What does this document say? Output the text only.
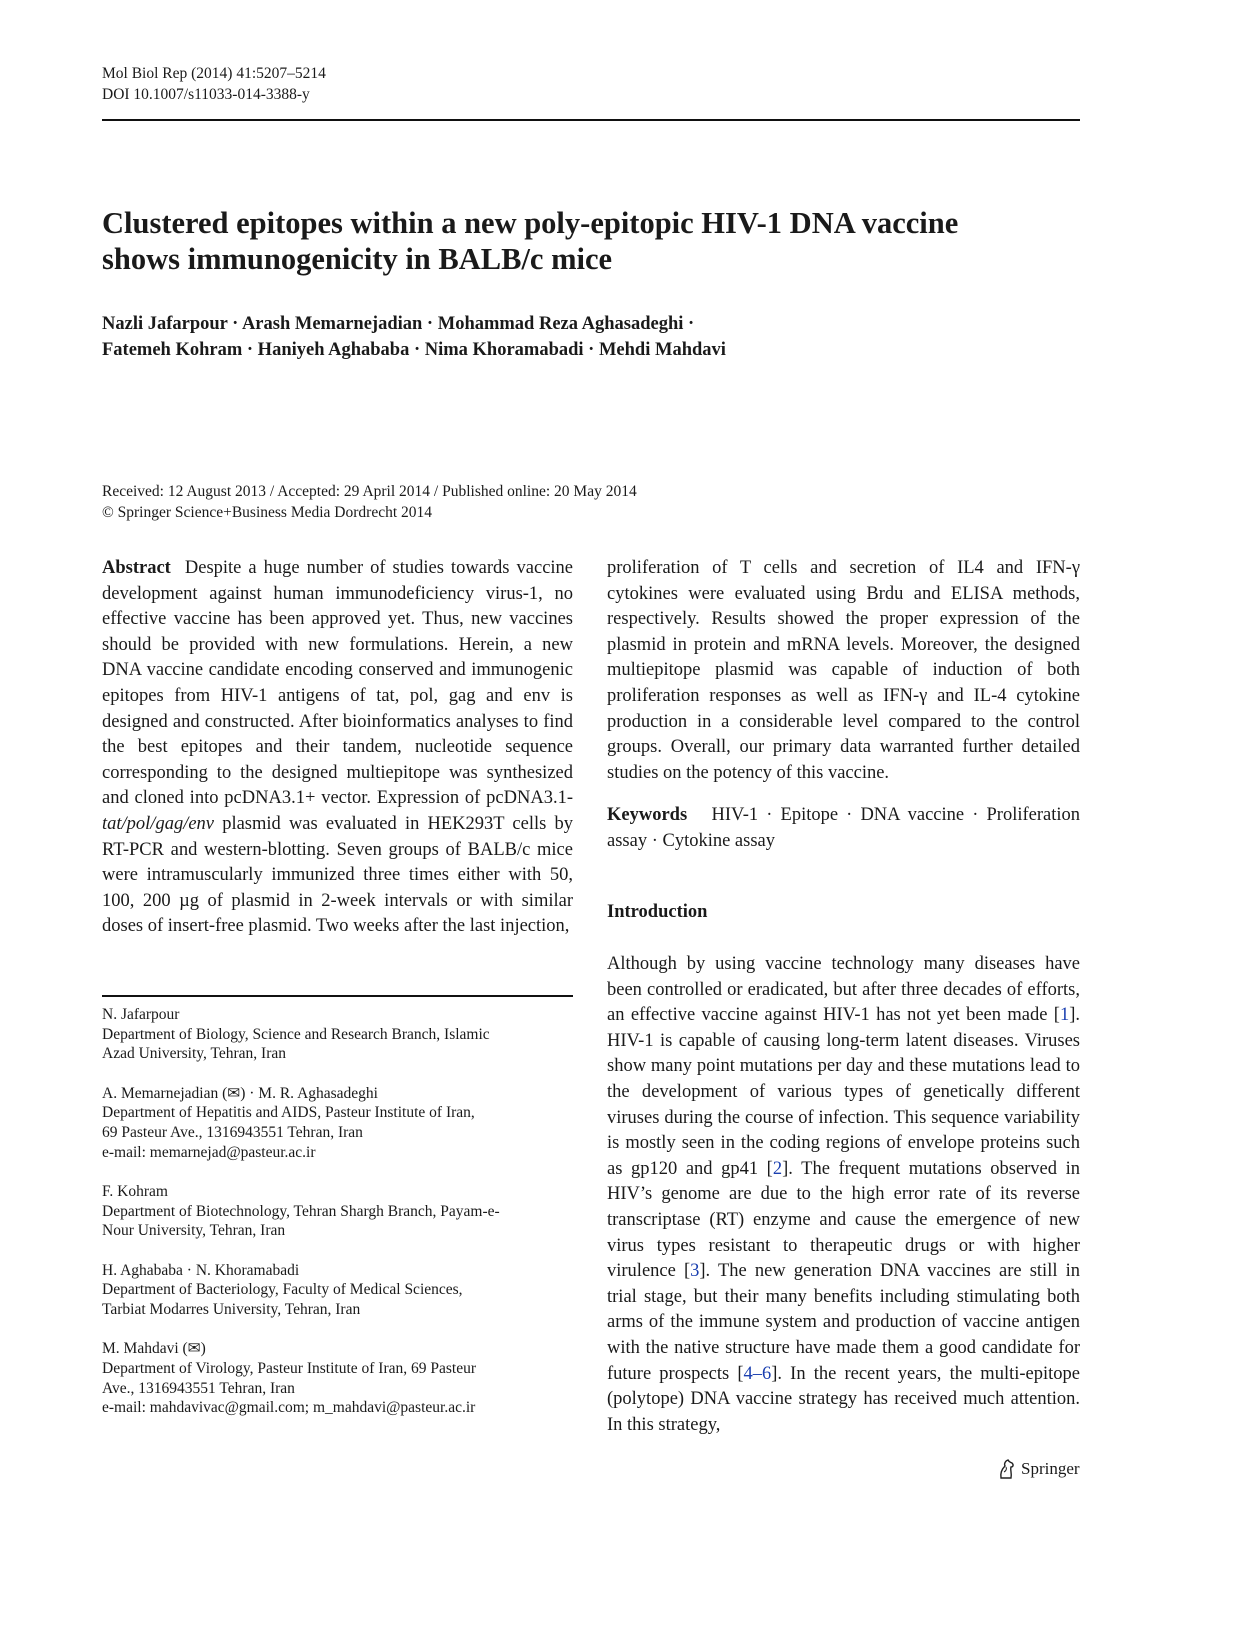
Mol Biol Rep (2014) 41:5207–5214
DOI 10.1007/s11033-014-3388-y
Clustered epitopes within a new poly-epitopic HIV-1 DNA vaccine
shows immunogenicity in BALB/c mice
Nazli Jafarpour · Arash Memarnejadian · Mohammad Reza Aghasadeghi ·
Fatemeh Kohram · Haniyeh Aghababa · Nima Khoramabadi · Mehdi Mahdavi
Received: 12 August 2013 / Accepted: 29 April 2014 / Published online: 20 May 2014
© Springer Science+Business Media Dordrecht 2014

Abstract Despite a huge number of studies towards vaccine development against human immunodeficiency virus-1, no effective vaccine has been approved yet. Thus, new vaccines should be provided with new formulations. Herein, a new DNA vaccine candidate encoding conserved and immunogenic epitopes from HIV-1 antigens of tat, pol, gag and env is designed and constructed. After bioinformatics analyses to find the best epitopes and their tandem, nucleotide sequence corresponding to the designed multiepitope was synthesized and cloned into pcDNA3.1+ vector. Expression of pcDNA3.1-tat/pol/gag/env plasmid was evaluated in HEK293T cells by RT-PCR and western-blotting. Seven groups of BALB/c mice were intramuscularly immunized three times either with 50, 100, 200 µg of plasmid in 2-week intervals or with similar doses of insert-free plasmid. Two weeks after the last injection,

N. Jafarpour

Department of Biology, Science and Research Branch, Islamic

Azad University, Tehran, Iran

A. Memarnejadian (✉) · M. R. Aghasadeghi

Department of Hepatitis and AIDS, Pasteur Institute of Iran,

69 Pasteur Ave., 1316943551 Tehran, Iran

e-mail: memarnejad@pasteur.ac.ir

F. Kohram

Department of Biotechnology, Tehran Shargh Branch, Payam-e-

Nour University, Tehran, Iran

H. Aghababa · N. Khoramabadi

Department of Bacteriology, Faculty of Medical Sciences,

Tarbiat Modarres University, Tehran, Iran

M. Mahdavi (✉)

Department of Virology, Pasteur Institute of Iran, 69 Pasteur

Ave., 1316943551 Tehran, Iran

e-mail: mahdavivac@gmail.com; m_mahdavi@pasteur.ac.ir

proliferation of T cells and secretion of IL4 and IFN-γ cytokines were evaluated using Brdu and ELISA methods, respectively. Results showed the proper expression of the plasmid in protein and mRNA levels. Moreover, the designed multiepitope plasmid was capable of induction of both proliferation responses as well as IFN-γ and IL-4 cytokine production in a considerable level compared to the control groups. Overall, our primary data warranted further detailed studies on the potency of this vaccine.

Keywords HIV-1 · Epitope · DNA vaccine · Proliferation assay · Cytokine assay

Introduction

Although by using vaccine technology many diseases have been controlled or eradicated, but after three decades of efforts, an effective vaccine against HIV-1 has not yet been made [1]. HIV-1 is capable of causing long-term latent diseases. Viruses show many point mutations per day and these mutations lead to the development of various types of genetically different viruses during the course of infection. This sequence variability is mostly seen in the coding regions of envelope proteins such as gp120 and gp41 [2]. The frequent mutations observed in HIV’s genome are due to the high error rate of its reverse transcriptase (RT) enzyme and cause the emergence of new virus types resistant to therapeutic drugs or with higher virulence [3]. The new generation DNA vaccines are still in trial stage, but their many benefits including stimulating both arms of the immune system and production of vaccine antigen with the native structure have made them a good candidate for future prospects [4–6]. In the recent years, the multi-epitope (polytope) DNA vaccine strategy has received much attention. In this strategy,

Springer
